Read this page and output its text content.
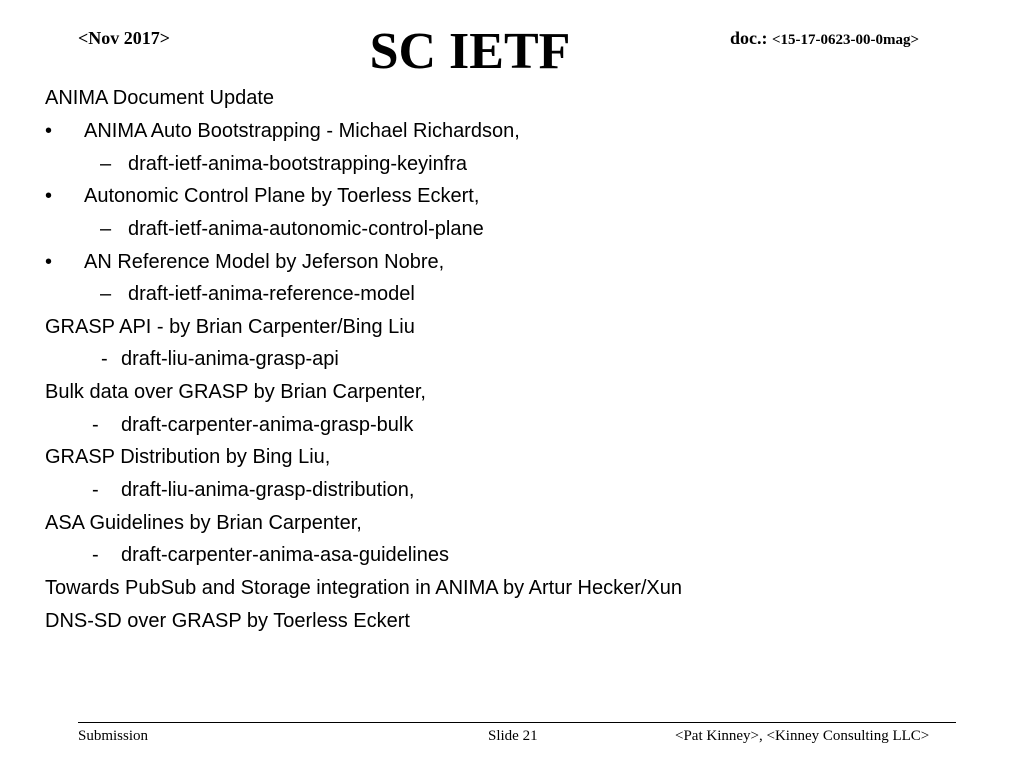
<Nov 2017>	SC IETF	doc.: <15-17-0623-00-0mag>
ANIMA Document Update
• ANIMA Auto Bootstrapping - Michael Richardson,
– draft-ietf-anima-bootstrapping-keyinfra
• Autonomic Control Plane by Toerless Eckert,
– draft-ietf-anima-autonomic-control-plane
• AN Reference Model by Jeferson Nobre,
– draft-ietf-anima-reference-model
GRASP API - by Brian Carpenter/Bing Liu
- draft-liu-anima-grasp-api
Bulk data over GRASP by Brian Carpenter,
- draft-carpenter-anima-grasp-bulk
GRASP Distribution by Bing Liu,
- draft-liu-anima-grasp-distribution,
ASA Guidelines by Brian Carpenter,
- draft-carpenter-anima-asa-guidelines
Towards PubSub and Storage integration in ANIMA by Artur Hecker/Xun
DNS-SD over GRASP by Toerless Eckert
Submission	Slide 21	<Pat Kinney>, <Kinney Consulting LLC>
